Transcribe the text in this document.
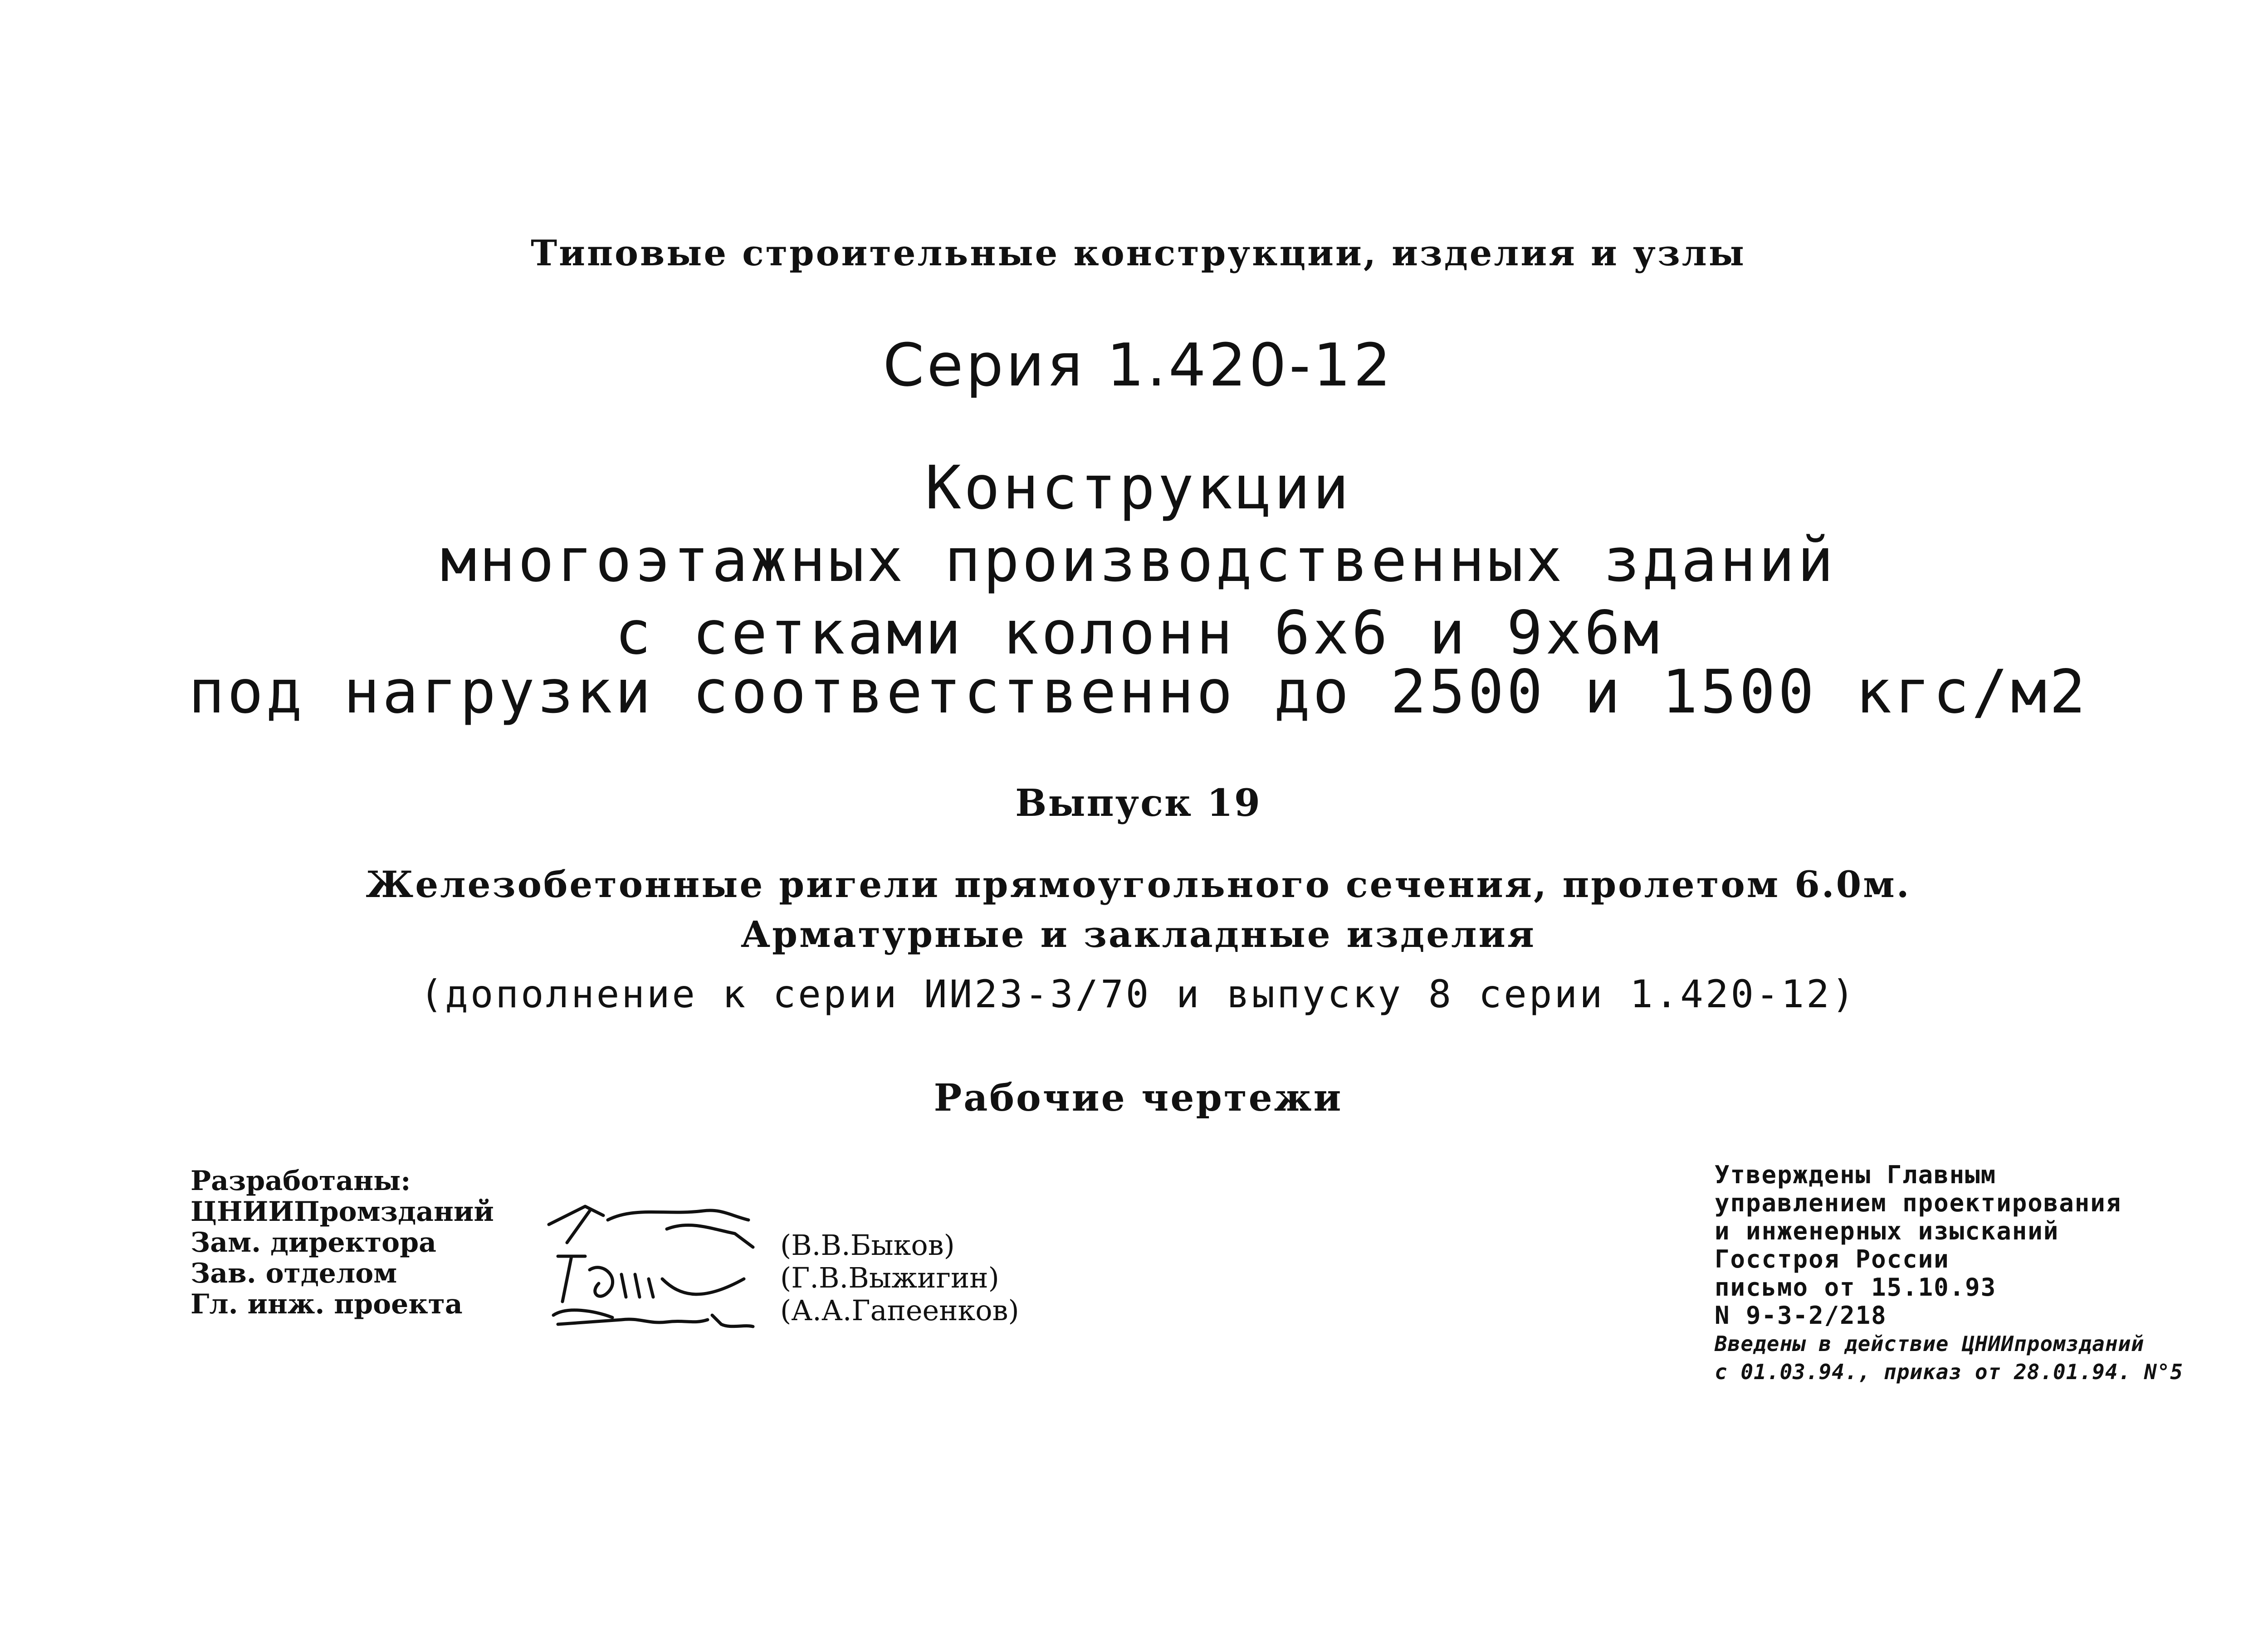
Типовые строительные конструкции, изделия и узлы
Серия 1.420-12
Конструкции
многоэтажных производственных зданий
с сетками колонн 6х6 и 9х6м
под нагрузки соответственно до 2500 и 1500 кгс/м2
Выпуск 19
Железобетонные ригели прямоугольного сечения, пролетом 6.0м.
Арматурные и закладные изделия
(дополнение к серии ИИ23-3/70 и выпуску 8 серии 1.420-12)
Рабочие чертежи
Разработаны:
ЦНИИПромзданий
Зам. директора
Зав. отделом
Гл. инж. проекта
(В.В.Быков)
(Г.В.Выжигин)
(А.А.Гапеенков)
Утверждены Главным
управлением проектирования
и инженерных изысканий
Госстроя России
письмо от 15.10.93
N 9-3-2/218
Введены в действие ЦНИИпромзданий
с 01.03.94., приказ от 28.01.94. N°5
